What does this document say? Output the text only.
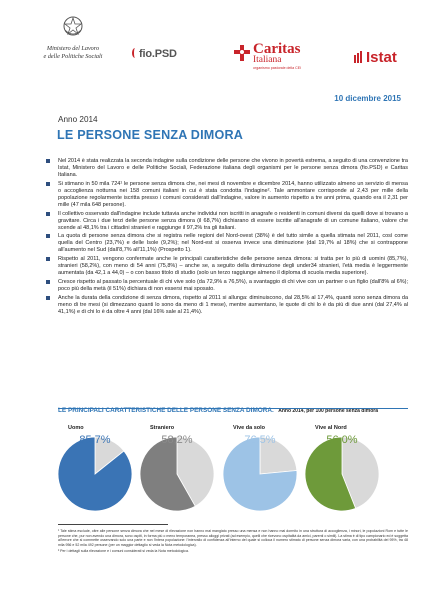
Ministero del Lavoro
e delle Politiche Sociali	fio.PSD	Caritas
Italiana
organismo pastorale della CEI
Istat
10 dicembre 2015
Anno 2014
LE PERSONE SENZA DIMORA
Nel 2014 è stata realizzata la seconda indagine sulla condizione delle persone che vivono in povertà estrema, a seguito di una convenzione tra Istat, Ministero del Lavoro e delle Politiche Sociali, Federazione italiana degli organismi per le persone senza dimora (fio.PSD) e Caritas Italiana.
Si stimano in 50 mila 724¹ le persone senza dimora che, nei mesi di novembre e dicembre 2014, hanno utilizzato almeno un servizio di mensa o accoglienza notturna nei 158 comuni italiani in cui è stata condotta l'indagine². Tale ammontare corrisponde al 2,43 per mille della popolazione regolarmente iscritta presso i comuni considerati dall'indagine, valore in aumento rispetto a tre anni prima, quando era il 2,31 per mille (47 mila 648 persone).
Il collettivo osservato dall'indagine include tuttavia anche individui non iscritti in anagrafe o residenti in comuni diversi da quelli dove si trovano a gravitare. Circa i due terzi delle persone senza dimora (il 68,7%) dichiarano di essere iscritte all'anagrafe di un comune italiano, valore che scende al 48,1% tra i cittadini stranieri e raggiunge il 97,2% tra gli italiani.
La quota di persone senza dimora che si registra nelle regioni del Nord-ovest (38%) è del tutto simile a quella stimata nel 2011, così come quella del Centro (23,7%) e delle Isole (9,2%); nel Nord-est si osserva invece una diminuzione (dal 19,7% al 18%) che si contrappone all'aumento nel Sud (dall'8,7% all'11,1%) (Prospetto 1).
Rispetto al 2011, vengono confermate anche le principali caratteristiche delle persone senza dimora: si tratta per lo più di uomini (85,7%), stranieri (58,2%), con meno di 54 anni (75,8%) – anche se, a seguito della diminuzione degli under34 stranieri, l'età media è leggermente aumentata (da 42,1 a 44,0) – o con basso titolo di studio (solo un terzo raggiunge almeno il diploma di scuola media superiore).
Cresce rispetto al passato la percentuale di chi vive solo (da 72,9% a 76,5%), a svantaggio di chi vive con un partner o un figlio (dall'8% al 6%); poco più della metà (il 51%) dichiara di non essersi mai sposato.
Anche la durata della condizione di senza dimora, rispetto al 2011 si allunga: diminuiscono, dal 28,5% al 17,4%, quanti sono senza dimora da meno di tre mesi (si dimezzano quanti lo sono da meno di 1 mese), mentre aumentano, le quote di chi lo è da più di due anni (dal 27,4% al 41,1%) e di chi lo è da oltre 4 anni (dal 16% sale al 21,4%).
LE PRINCIPALI CARATTERISTICHE DELLE PERSONE SENZA DIMORA. Anno 2014, per 100 persone senza dimora
Uomo
85,7%
Straniero
58,2%
Vive da solo
76,5%
Vive al Nord
56,0%
¹ Tale stima esclude, oltre alle persone senza dimora che nel mese di rilevazione non hanno mai mangiato presso una mensa e non hanno mai dormito in una struttura di accoglienza, i minori, le popolazioni Rom e tutte le persone che, pur non avendo una dimora, sono ospiti, in forma più o meno temporanea, presso alloggi privati (ad esempio, quelli che ricevono ospitalità da amici, parenti o simili). La stima è di tipo campionario ed è soggetta all'errore che si commette osservando solo una parte e non l'intera popolazione: l'intervallo di confidenza all'interno del quale si colloca il numero stimato di persone senza dimora varia, con una probabilità del 95%, tra 48 mila 956 e 52 mila 492 persone (per un maggior dettaglio si veda la Nota metodologica).
² Per i dettagli sulla rilevazione e i comuni considerati si veda la Nota metodologica.
